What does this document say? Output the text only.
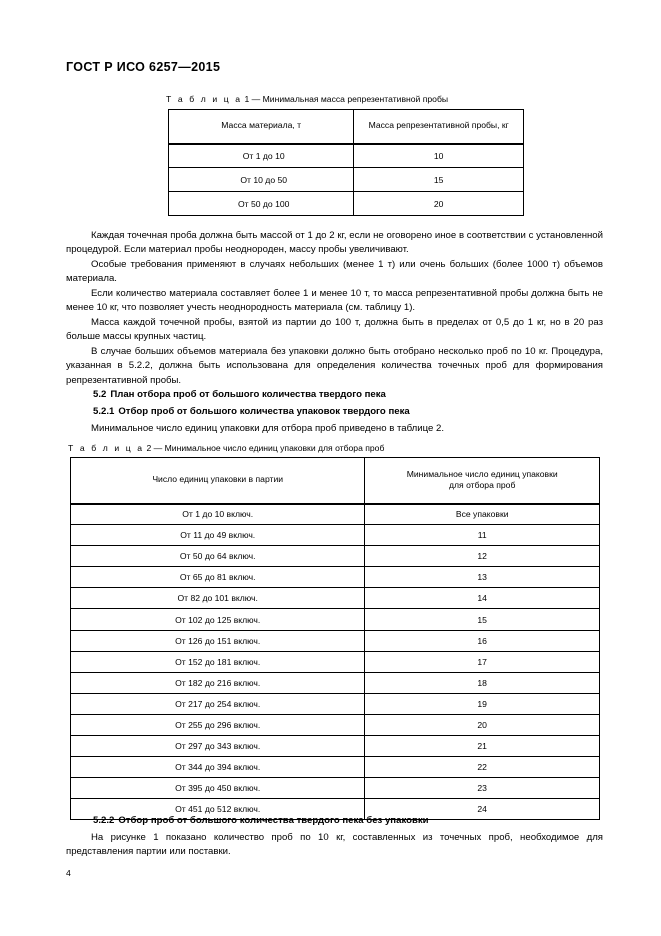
ГОСТ Р ИСО 6257—2015
Т а б л и ц а 1 — Минимальная масса репрезентативной пробы
Масса материала, т	Масса репрезентативной пробы, кг
От 1 до 10	10
От 10 до 50	15
От 50 до 100	20
Каждая точечная проба должна быть массой от 1 до 2 кг, если не оговорено иное в соответствии с установленной процедурой. Если материал пробы неоднороден, массу пробы увеличивают.
Особые требования применяют в случаях небольших (менее 1 т) или очень больших (более 1000 т) объемов материала.
Если количество материала составляет более 1 и менее 10 т, то масса репрезентативной пробы должна быть не менее 10 кг, что позволяет учесть неоднородность материала (см. таблицу 1).
Масса каждой точечной пробы, взятой из партии до 100 т, должна быть в пределах от 0,5 до 1 кг, но в 20 раз больше массы крупных частиц.
В случае больших объемов материала без упаковки должно быть отобрано несколько проб по 10 кг. Процедура, указанная в 5.2.2, должна быть использована для определения количества точечных проб для формирования репрезентативной пробы.
5.2 План отбора проб от большого количества твердого пека
5.2.1 Отбор проб от большого количества упаковок твердого пека
Минимальное число единиц упаковки для отбора проб приведено в таблице 2.
Т а б л и ц а 2 — Минимальное число единиц упаковки для отбора проб
Число единиц упаковки в партии	Минимальное число единиц упаковки
для отбора проб
От 1 до 10 включ.	Все упаковки
От 11 до 49 включ.	11
От 50 до 64 включ.	12
От 65 до 81 включ.	13
От 82 до 101 включ.	14
От 102 до 125 включ.	15
От 126 до 151 включ.	16
От 152 до 181 включ.	17
От 182 до 216 включ.	18
От 217 до 254 включ.	19
От 255 до 296 включ.	20
От 297 до 343 включ.	21
От 344 до 394 включ.	22
От 395 до 450 включ.	23
От 451 до 512 включ.	24
5.2.2 Отбор проб от большого количества твердого пека без упаковки
На рисунке 1 показано количество проб по 10 кг, составленных из точечных проб, необходимое для представления партии или поставки.
4
